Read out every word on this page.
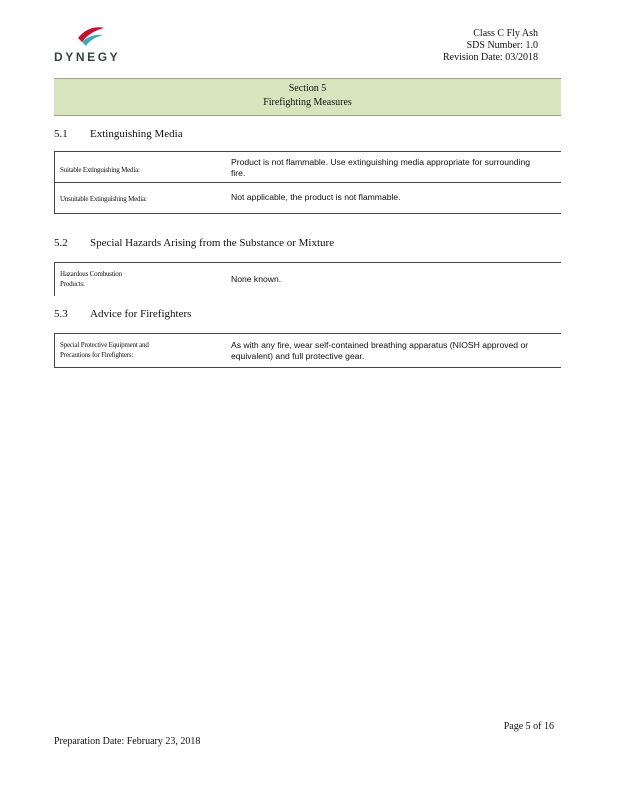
DYNEGY
Class C Fly Ash
SDS Number: 1.0
Revision Date: 03/2018
Section 5
Firefighting Measures
5.1 Extinguishing Media
Suitable Extinguishing Media:
Product is not flammable. Use extinguishing media appropriate for surrounding fire.
Unsuitable Extinguishing Media:	Not applicable, the product is not flammable.
5.2 Special Hazards Arising from the Substance or Mixture
Hazardous Combustion Products:	None known.
5.3 Advice for Firefighters
Special Protective Equipment and Precautions for Firefighters:
As with any fire, wear self-contained breathing apparatus (NIOSH approved or equivalent) and full protective gear.
Page 5 of 16
Preparation Date: February 23, 2018
